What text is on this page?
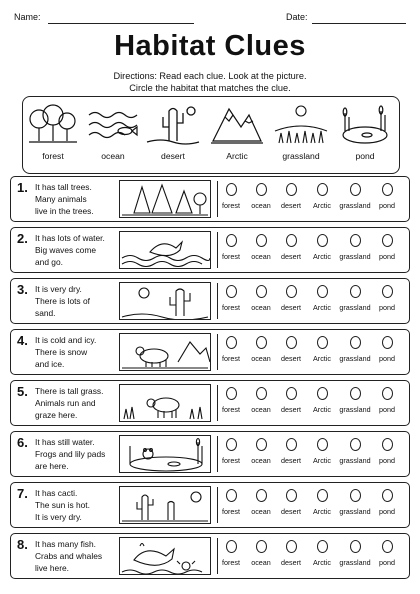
Name:	Date:
Habitat Clues
Directions: Read each clue. Look at the picture.
Circle the habitat that matches the clue.
forest	ocean	desert	Arctic	grassland	pond
1. It has tall trees.
Many animals
live in the trees.
forest	ocean	desert	Arctic	grassland	pond
2. It has lots of water.
Big waves come
and go.
forest	ocean	desert	Arctic	grassland	pond
3. It is very dry.
There is lots of
sand.
forest	ocean	desert	Arctic	grassland	pond
4. It is cold and icy.
There is snow
and ice.
forest	ocean	desert	Arctic	grassland	pond
5. There is tall grass.
Animals run and
graze here.
forest	ocean	desert	Arctic	grassland	pond
6. It has still water.
Frogs and lily pads
are here.
forest	ocean	desert	Arctic	grassland	pond
7. It has cacti.
The sun is hot.
It is very dry.
forest	ocean	desert	Arctic	grassland	pond
8. It has many fish.
Crabs and whales
live here.
forest	ocean	desert	Arctic	grassland	pond
